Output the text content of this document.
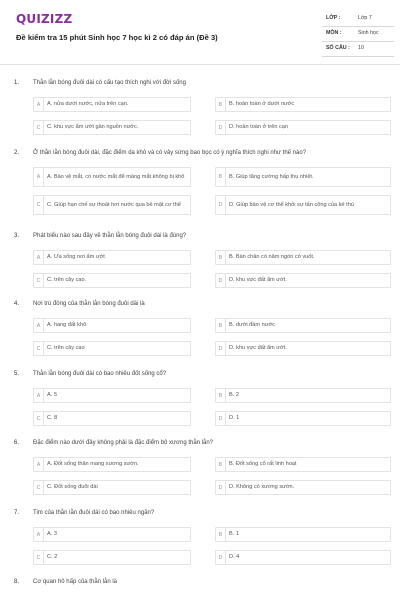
QUIZIZZ
Đề kiểm tra 15 phút Sinh học 7 học kì 2 có đáp án (Đề 3)
LỚP :	Lớp 7
MÔN :	Sinh học
SỐ CÂU : 10
1. Thằn lằn bóng đuôi dài có cấu tạo thích nghi với đời sống
A	A. nửa dưới nước, nửa trên cạn.	B	B. hoàn toàn ở dưới nước
C	C. khu vực ẩm ướt gần nguồn nước.	D	D. hoàn toàn ở trên cạn
2. Ở thằn lằn bóng đuôi dài, đặc điểm da khô và có vảy sừng bao bọc có ý nghĩa thích nghi như thế nào?
A	A. Bảo vệ mắt, có nước mắt để màng mắt không bị khô	B	B. Giúp tăng cường hấp thụ nhiệt.
C	C. Giúp hạn chế sự thoát hơi nước qua bề mặt cơ thể	D	D. Giúp bảo vệ cơ thể khỏi sự tấn công của kẻ thù
3. Phát biểu nào sau đây về thằn lằn bóng đuôi dài là đúng?
A	A. Ưa sống nơi ẩm ướt	B	B. Bàn chân có năm ngón có vuốt.
C	C. trên cây cao.	D	D. khu vực đất ẩm ướt.
4. Nơi trú đông của thằn lằn bóng đuôi dài là
A	A. hang đất khô	B	B. dưới đầm nước
C	C. trên cây cao	D	D. khu vực đất ẩm ướt.
5. Thằn lằn bóng đuôi dài có bao nhiêu đốt sống cổ?
A	A. 5	B	B. 2
C	C. 8	D	D. 1
6. Đặc điểm nào dưới đây không phải là đặc điểm bộ xương thằn lằn?
A	A. Đốt sống thân mang xương sườn.	B	B. Đốt sống cổ rất linh hoạt
C	C. Đốt sống đuôi dài	D	D. Không có xương sườn.
7. Tim của thằn lằn đuôi dài có bao nhiêu ngăn?
A	A. 3	B	B. 1
C	C. 2	D	D. 4
8. Cơ quan hô hấp của thằn lằn là
